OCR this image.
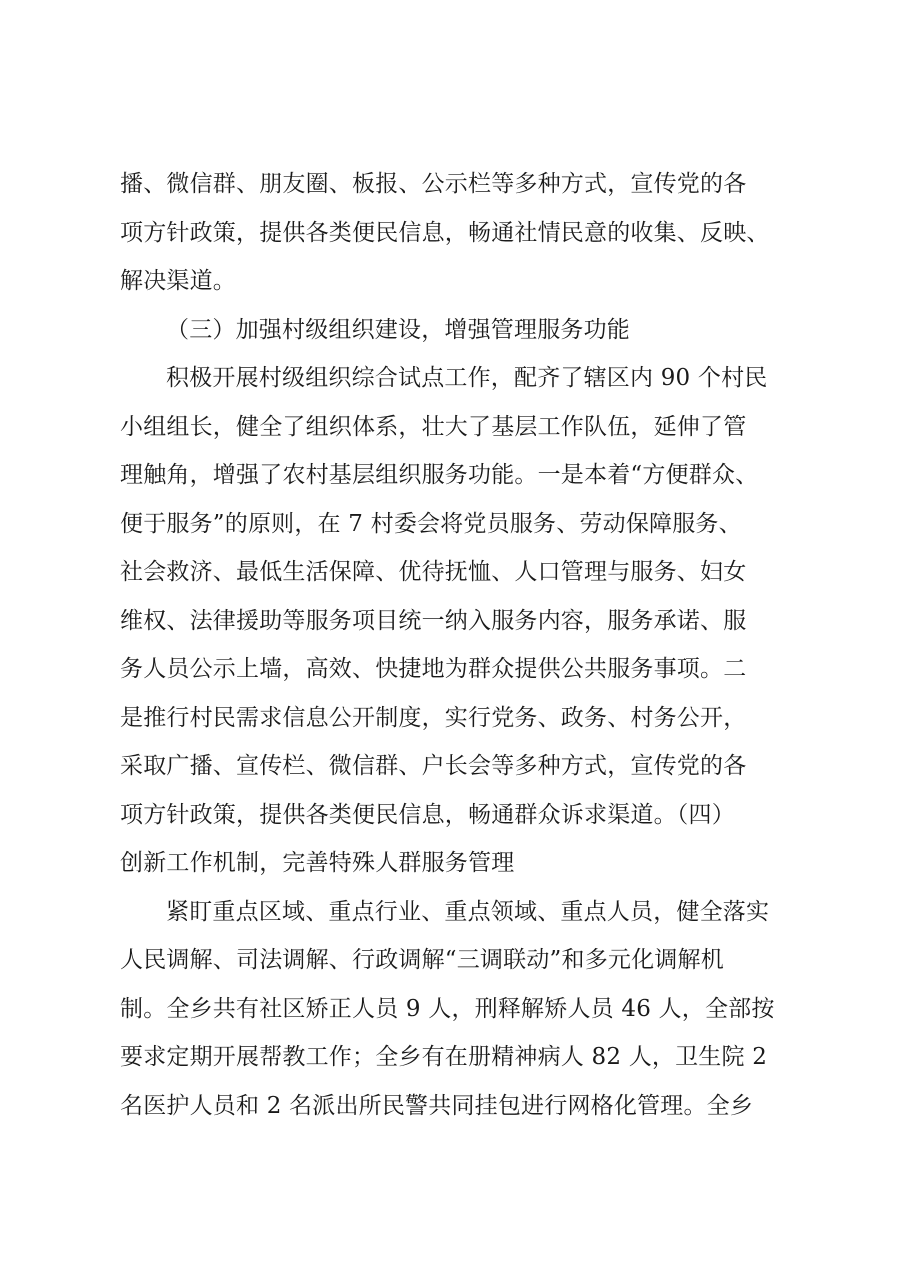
播、微信群、朋友圈、板报、公示栏等多种方式，宣传党的各

项方针政策，提供各类便民信息，畅通社情民意的收集、反映、

解决渠道。

（三）加强村级组织建设，增强管理服务功能

积极开展村级组织综合试点工作，配齐了辖区内 90 个村民

小组组长，健全了组织体系，壮大了基层工作队伍，延伸了管

理触角，增强了农村基层组织服务功能。一是本着“方便群众、

便于服务”的原则，在 7 村委会将党员服务、劳动保障服务、

社会救济、最低生活保障、优待抚恤、人口管理与服务、妇女

维权、法律援助等服务项目统一纳入服务内容，服务承诺、服

务人员公示上墙，高效、快捷地为群众提供公共服务事项。二

是推行村民需求信息公开制度，实行党务、政务、村务公开，

采取广播、宣传栏、微信群、户长会等多种方式，宣传党的各

项方针政策，提供各类便民信息，畅通群众诉求渠道。（四）

创新工作机制，完善特殊人群服务管理

紧盯重点区域、重点行业、重点领域、重点人员，健全落实

人民调解、司法调解、行政调解“三调联动”和多元化调解机

制。全乡共有社区矫正人员 9 人，刑释解矫人员 46 人，全部按

要求定期开展帮教工作；全乡有在册精神病人 82 人，卫生院 2

名医护人员和 2 名派出所民警共同挂包进行网格化管理。全乡
